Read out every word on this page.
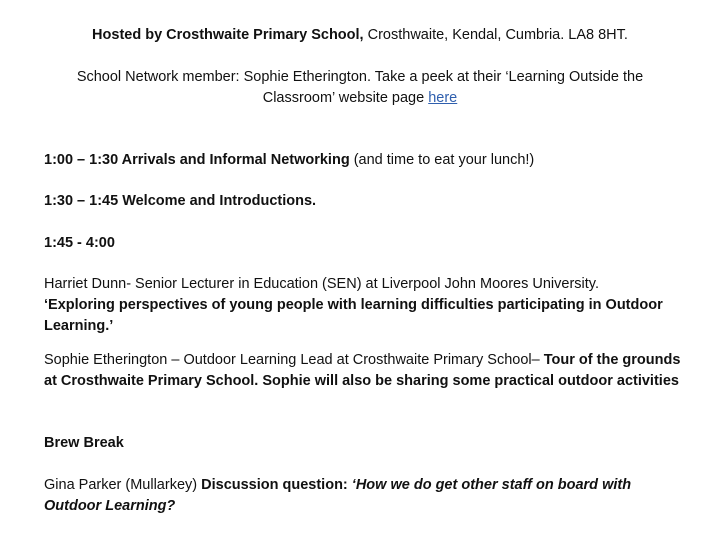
Hosted by Crosthwaite Primary School, Crosthwaite, Kendal, Cumbria. LA8 8HT.
School Network member: Sophie Etherington. Take a peek at their ‘Learning Outside the Classroom’ website page here
1:00 – 1:30 Arrivals and Informal Networking (and time to eat your lunch!)
1:30 – 1:45 Welcome and Introductions.
1:45 - 4:00
Harriet Dunn- Senior Lecturer in Education (SEN) at Liverpool John Moores University.
‘Exploring perspectives of young people with learning difficulties participating in Outdoor Learning.’
Sophie Etherington – Outdoor Learning Lead at Crosthwaite Primary School– Tour of the grounds at Crosthwaite Primary School. Sophie will also be sharing some practical outdoor activities
Brew Break
Gina Parker (Mullarkey) Discussion question: ‘How we do get other staff on board with Outdoor Learning?
